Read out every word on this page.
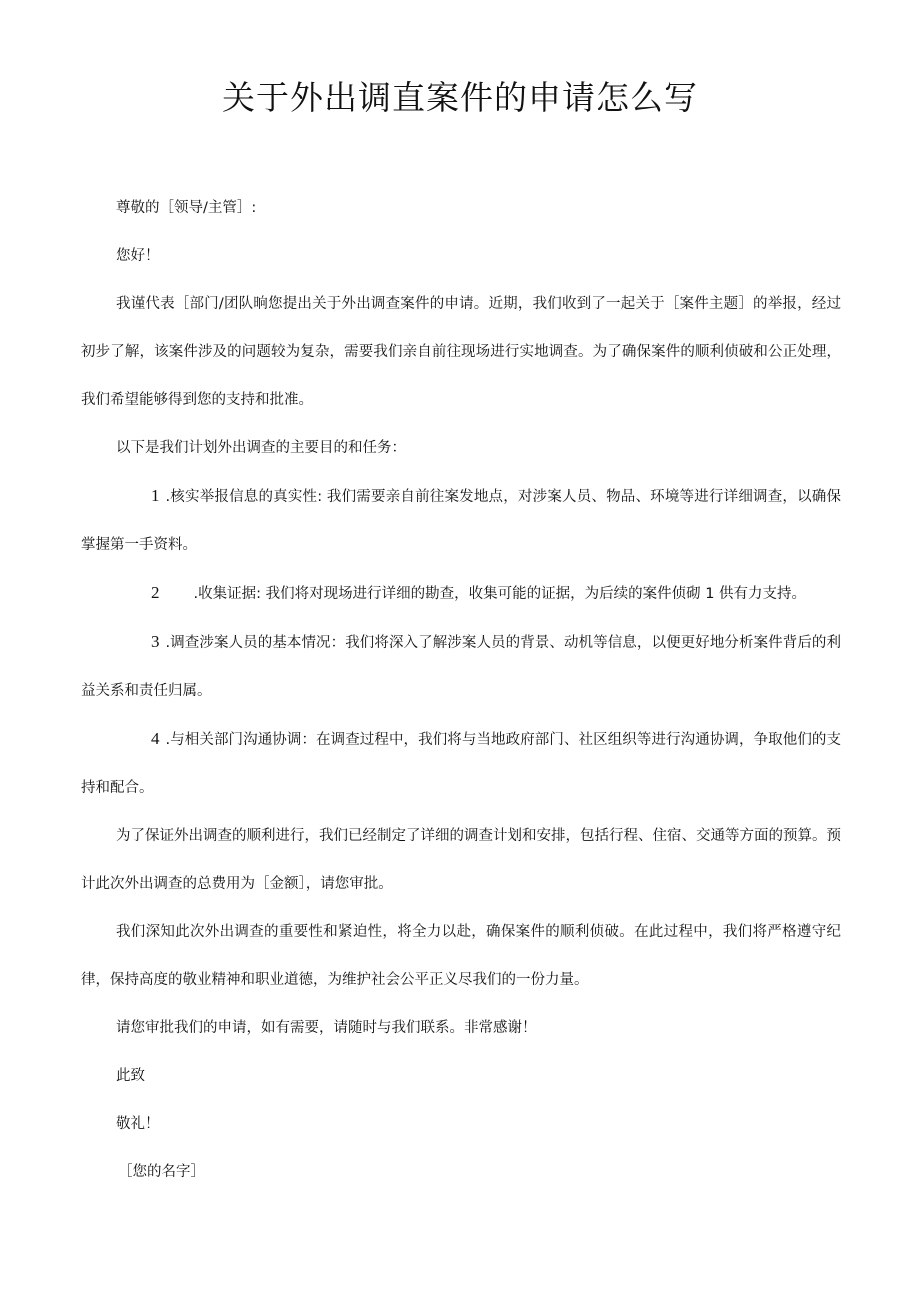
关于外出调直案件的申请怎么写

尊敬的［领导/主管］:

您好！

我谨代表［部门/团队晌您提出关于外出调查案件的申请。近期，我们收到了一起关于［案件主题］的举报，经过初步了解，该案件涉及的问题较为复杂，需要我们亲自前往现场进行实地调查。为了确保案件的顺利侦破和公正处理，我们希望能够得到您的支持和批准。

以下是我们计划外出调查的主要目的和任务：

1 .核实举报信息的真实性: 我们需要亲自前往案发地点，对涉案人员、物品、环境等进行详细调查，以确保掌握第一手资料。

2 .收集证据: 我们将对现场进行详细的勘查，收集可能的证据，为后续的案件侦砌 1 供有力支持。

3 .调查涉案人员的基本情况：我们将深入了解涉案人员的背景、动机等信息，以便更好地分析案件背后的利益关系和责任归属。

4 .与相关部门沟通协调：在调查过程中，我们将与当地政府部门、社区组织等进行沟通协调，争取他们的支持和配合。

为了保证外出调查的顺利进行，我们已经制定了详细的调查计划和安排，包括行程、住宿、交通等方面的预算。预计此次外出调查的总费用为［金额］，请您审批。

我们深知此次外出调查的重要性和紧迫性，将全力以赴，确保案件的顺利侦破。在此过程中，我们将严格遵守纪律，保持高度的敬业精神和职业道德，为维护社会公平正义尽我们的一份力量。

请您审批我们的申请，如有需要，请随时与我们联系。非常感谢！

此致

敬礼！

［您的名字］
